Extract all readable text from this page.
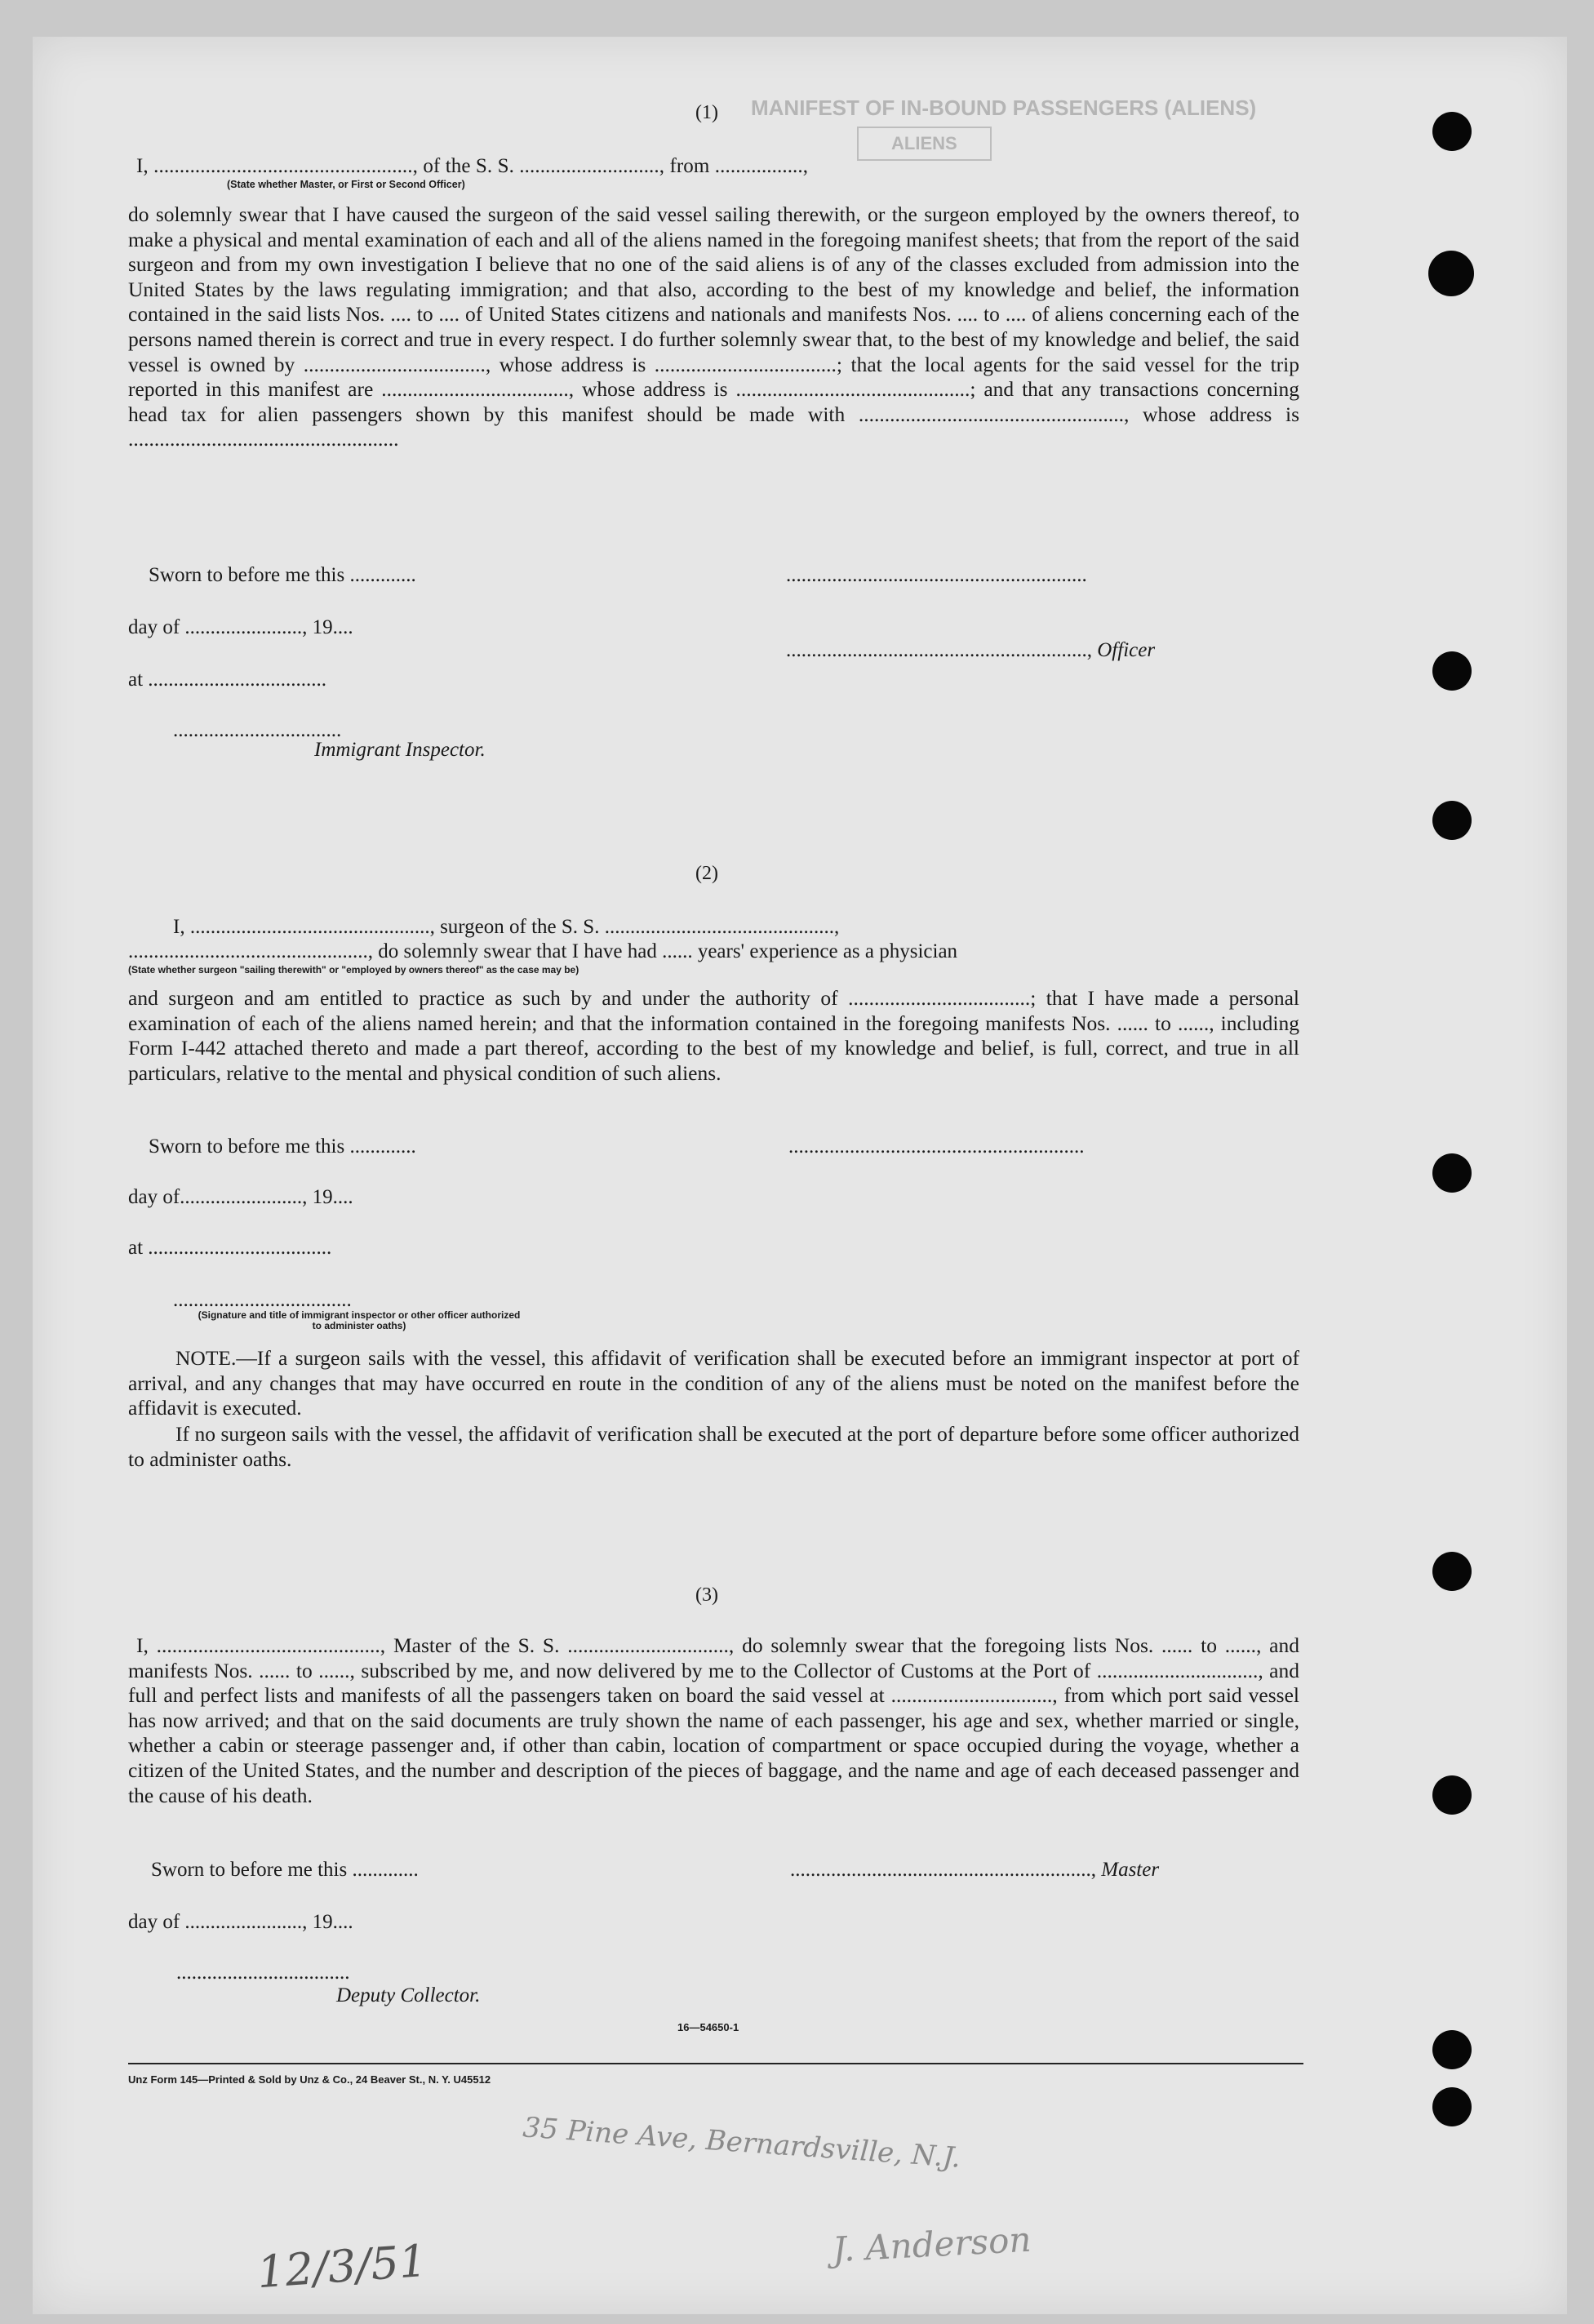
MANIFEST OF IN-BOUND PASSENGERS (ALIENS)
ALIENS
(1)
I, .................................................., of the S. S. ..........................., from .................,
(State whether Master, or First or Second Officer)
do solemnly swear that I have caused the surgeon of the said vessel sailing therewith, or the surgeon employed by the owners thereof, to make a physical and mental examination of each and all of the aliens named in the foregoing manifest sheets; that from the report of the said surgeon and from my own investigation I believe that no one of the said aliens is of any of the classes excluded from admission into the United States by the laws regulating immigration; and that also, according to the best of my knowledge and belief, the information contained in the said lists Nos. .... to .... of United States citizens and nationals and manifests Nos. .... to .... of aliens concerning each of the persons named therein is correct and true in every respect. I do further solemnly swear that, to the best of my knowledge and belief, the said vessel is owned by ..................................., whose address is ...................................; that the local agents for the said vessel for the trip reported in this manifest are ...................................., whose address is .............................................; and that any transactions concerning head tax for alien passengers shown by this manifest should be made with ..................................................., whose address is
....................................................
Sworn to before me this .............	...........................................................
day of ......................., 19....
..........................................................., Officer
at ...................................
.................................
Immigrant Inspector.
(2)
I, ..............................................., surgeon of the S. S. .............................................,
..............................................., do solemnly swear that I have had ...... years' experience as a physician
(State whether surgeon "sailing therewith" or "employed by owners thereof" as the case may be)
and surgeon and am entitled to practice as such by and under the authority of ...................................; that I have made a personal examination of each of the aliens named herein; and that the information contained in the foregoing manifests Nos. ...... to ......, including Form I-442 attached thereto and made a part thereof, according to the best of my knowledge and belief, is full, correct, and true in all particulars, relative to the mental and physical condition of such aliens.
Sworn to before me this .............	..........................................................
day of........................, 19....
at ....................................
...................................
(Signature and title of immigrant inspector or other officer authorized to administer oaths)
NOTE.—If a surgeon sails with the vessel, this affidavit of verification shall be executed before an immigrant inspector at port of arrival, and any changes that may have occurred en route in the condition of any of the aliens must be noted on the manifest before the affidavit is executed.
If no surgeon sails with the vessel, the affidavit of verification shall be executed at the port of departure before some officer authorized to administer oaths.
(3)
I, ..........................................., Master of the S. S. ..............................., do solemnly swear that the foregoing lists Nos. ...... to ......, and manifests Nos. ...... to ......, subscribed by me, and now delivered by me to the Collector of Customs at the Port of ..............................., and full and perfect lists and manifests of all the passengers taken on board the said vessel at ..............................., from which port said vessel has now arrived; and that on the said documents are truly shown the name of each passenger, his age and sex, whether married or single, whether a cabin or steerage passenger and, if other than cabin, location of compartment or space occupied during the voyage, whether a citizen of the United States, and the number and description of the pieces of baggage, and the name and age of each deceased passenger and the cause of his death.
Sworn to before me this .............	..........................................................., Master
day of ......................., 19....
..................................
Deputy Collector.
16—54650-1
Unz Form 145—Printed & Sold by Unz & Co., 24 Beaver St., N. Y. U45512
35 Pine Ave, Bernardsville, N.J.
12/3/51	J. Anderson
